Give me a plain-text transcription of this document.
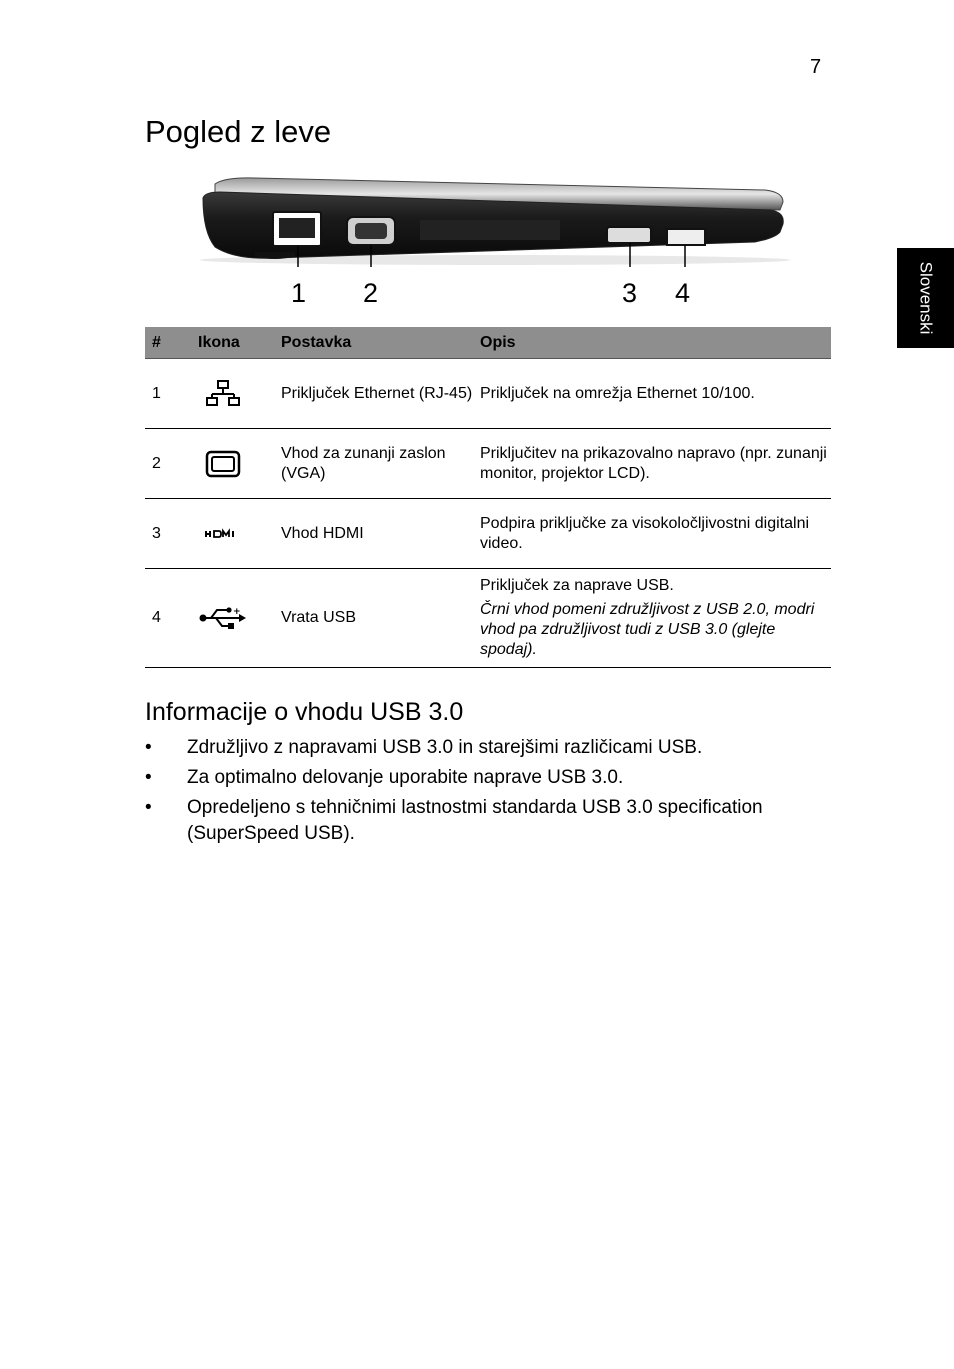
7
Slovenski
Pogled z leve
1 2	3 4
#	Ikona	Postavka	Opis
1		Priključek Ethernet (RJ-45)	Priključek na omrežja Ethernet 10/100.
2		Vhod za zunanji zaslon (VGA)	Priključitev na prikazovalno napravo (npr. zunanji monitor, projektor LCD).
3		Vhod HDMI	Podpira priključke za visokoločljivostni digitalni video.
4	+	Vrata USB	Priključek za naprave USB.
Črni vhod pomeni združljivost z USB 2.0, modri vhod pa združljivost tudi z USB 3.0 (glejte spodaj).
Informacije o vhodu USB 3.0
• Združljivo z napravami USB 3.0 in starejšimi različicami USB.
• Za optimalno delovanje uporabite naprave USB 3.0.
• Opredeljeno s tehničnimi lastnostmi standarda USB 3.0 specification (SuperSpeed USB).
